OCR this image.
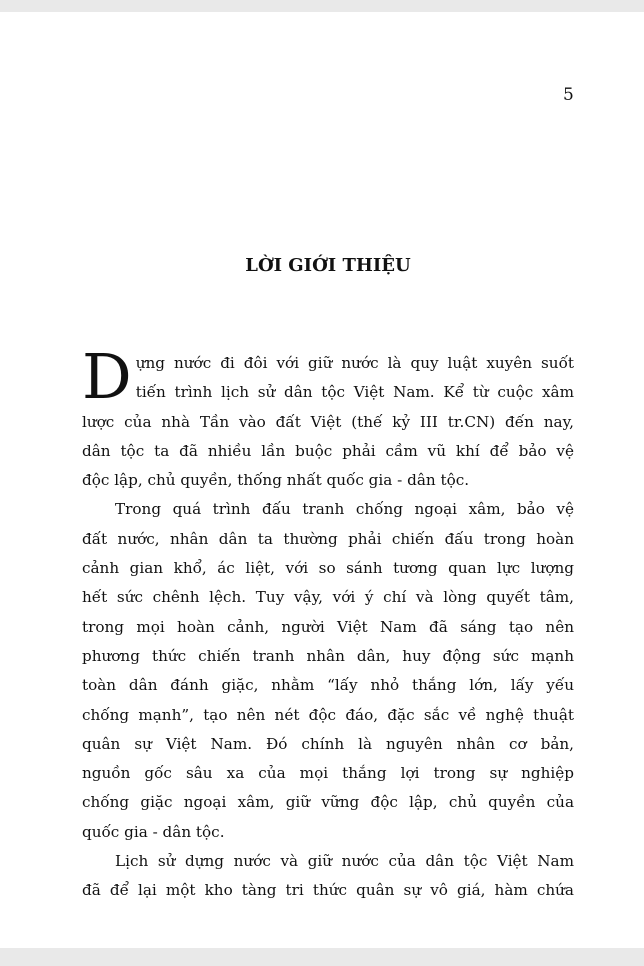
5
LỜI GIỚI THIỆU
D ựng nước đi đôi với giữ nước là quy luật xuyên suốt
tiến trình lịch sử dân tộc Việt Nam. Kể từ cuộc xâm
lược của nhà Tần vào đất Việt (thế kỷ III tr.CN) đến nay,
dân tộc ta đã nhiều lần buộc phải cầm vũ khí để bảo vệ
độc lập, chủ quyền, thống nhất quốc gia - dân tộc.
Trong quá trình đấu tranh chống ngoại xâm, bảo vệ
đất nước, nhân dân ta thường phải chiến đấu trong hoàn
cảnh gian khổ, ác liệt, với so sánh tương quan lực lượng
hết sức chênh lệch. Tuy vậy, với ý chí và lòng quyết tâm,
trong mọi hoàn cảnh, người Việt Nam đã sáng tạo nên
phương thức chiến tranh nhân dân, huy động sức mạnh
toàn dân đánh giặc, nhằm “lấy nhỏ thắng lớn, lấy yếu
chống mạnh”, tạo nên nét độc đáo, đặc sắc về nghệ thuật
quân sự Việt Nam. Đó chính là nguyên nhân cơ bản,
nguồn gốc sâu xa của mọi thắng lợi trong sự nghiệp
chống giặc ngoại xâm, giữ vững độc lập, chủ quyền của
quốc gia - dân tộc.
Lịch sử dựng nước và giữ nước của dân tộc Việt Nam
đã để lại một kho tàng tri thức quân sự vô giá, hàm chứa
